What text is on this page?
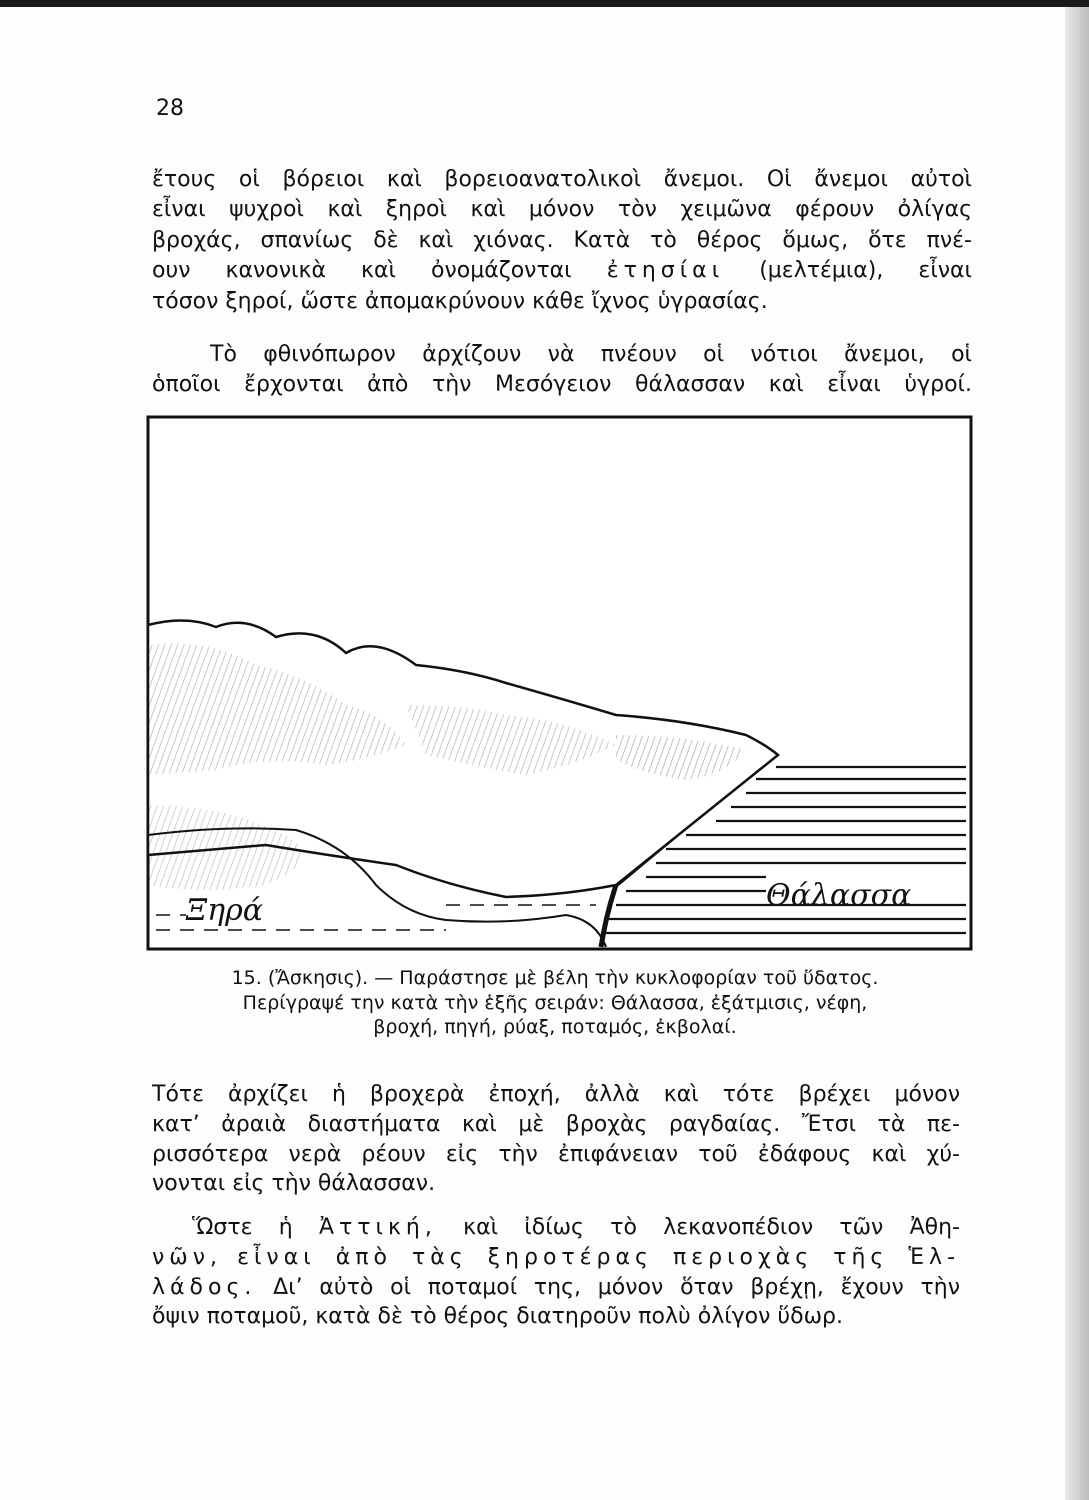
28
ἔτους οἱ βόρειοι καὶ βορειοανατολικοὶ ἄνεμοι. Οἱ ἄνεμοι αὐτοὶ
εἶναι ψυχροὶ καὶ ξηροὶ καὶ μόνον τὸν χειμῶνα φέρουν ὀλίγας
βροχάς, σπανίως δὲ καὶ χιόνας. Κατὰ τὸ θέρος ὅμως, ὅτε πνέ-
ουν κανονικὰ καὶ ὀνομάζονται ἐτησίαι (μελτέμια), εἶναι
τόσον ξηροί, ὥστε ἀπομακρύνουν κάθε ἴχνος ὑγρασίας.
Τὸ φθινόπωρον ἀρχίζουν νὰ πνέουν οἱ νότιοι ἄνεμοι, οἱ
ὁποῖοι ἔρχονται ἀπὸ τὴν Μεσόγειον θάλασσαν καὶ εἶναι ὑγροί.
Ξηρά	Θάλασσα
15. (Ἄσκησις). — Παράστησε μὲ βέλη τὴν κυκλοφορίαν τοῦ ὕδατος.
Περίγραψέ την κατὰ τὴν ἑξῆς σειράν: Θάλασσα, ἐξάτμισις, νέφη,
βροχή, πηγή, ρύαξ, ποταμός, ἐκβολαί.
Τότε ἀρχίζει ἡ βροχερὰ ἐποχή, ἀλλὰ καὶ τότε βρέχει μόνον
κατ’ ἀραιὰ διαστήματα καὶ μὲ βροχὰς ραγδαίας. Ἔτσι τὰ πε-
ρισσότερα νερὰ ρέουν εἰς τὴν ἐπιφάνειαν τοῦ ἐδάφους καὶ χύ-
νονται εἰς τὴν θάλασσαν.
Ὥστε ἡ Ἀττική, καὶ ἰδίως τὸ λεκανοπέδιον τῶν Ἀθη-
νῶν, εἶναι ἀπὸ τὰς ξηροτέρας περιοχὰς τῆς Ἑλ-
λάδος. Δι’ αὐτὸ οἱ ποταμοί της, μόνον ὅταν βρέχῃ, ἔχουν τὴν
ὄψιν ποταμοῦ, κατὰ δὲ τὸ θέρος διατηροῦν πολὺ ὀλίγον ὕδωρ.
